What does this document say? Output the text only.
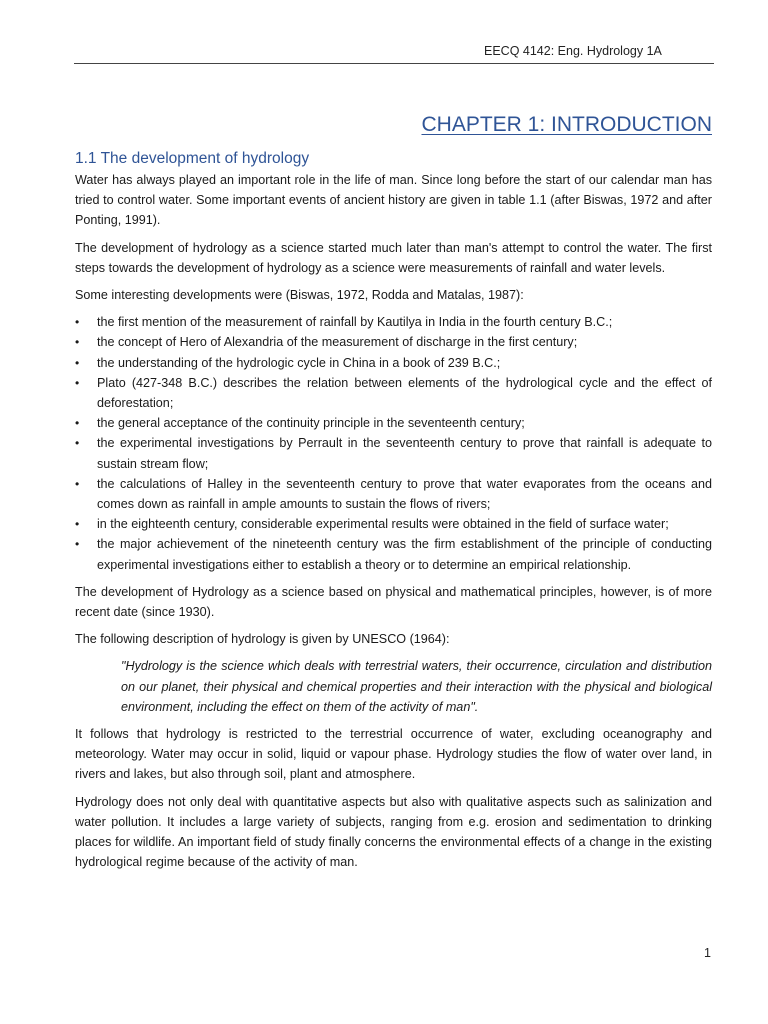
EECQ 4142: Eng. Hydrology 1A
CHAPTER 1: INTRODUCTION
1.1 The development of hydrology

Water has always played an important role in the life of man. Since long before the start of our calendar man has tried to control water. Some important events of ancient history are given in table 1.1 (after Biswas, 1972 and after Ponting, 1991).

The development of hydrology as a science started much later than man's attempt to control the water. The first steps towards the development of hydrology as a science were measurements of rainfall and water levels.

Some interesting developments were (Biswas, 1972, Rodda and Matalas, 1987):

• the first mention of the measurement of rainfall by Kautilya in India in the fourth century B.C.;
• the concept of Hero of Alexandria of the measurement of discharge in the first century;
• the understanding of the hydrologic cycle in China in a book of 239 B.C.;
• Plato (427-348 B.C.) describes the relation between elements of the hydrological cycle and the effect of deforestation;
• the general acceptance of the continuity principle in the seventeenth century;
• the experimental investigations by Perrault in the seventeenth century to prove that rainfall is adequate to sustain stream flow;
• the calculations of Halley in the seventeenth century to prove that water evaporates from the oceans and comes down as rainfall in ample amounts to sustain the flows of rivers;
• in the eighteenth century, considerable experimental results were obtained in the field of surface water;
• the major achievement of the nineteenth century was the firm establishment of the principle of conducting experimental investigations either to establish a theory or to determine an empirical relationship.

The development of Hydrology as a science based on physical and mathematical principles, however, is of more recent date (since 1930).

The following description of hydrology is given by UNESCO (1964):

"Hydrology is the science which deals with terrestrial waters, their occurrence, circulation and distribution on our planet, their physical and chemical properties and their interaction with the physical and biological environment, including the effect on them of the activity of man".

It follows that hydrology is restricted to the terrestrial occurrence of water, excluding oceanography and meteorology. Water may occur in solid, liquid or vapour phase. Hydrology studies the flow of water over land, in rivers and lakes, but also through soil, plant and atmosphere.

Hydrology does not only deal with quantitative aspects but also with qualitative aspects such as salinization and water pollution. It includes a large variety of subjects, ranging from e.g. erosion and sedimentation to drinking places for wildlife. An important field of study finally concerns the environmental effects of a change in the existing hydrological regime because of the activity of man.

1
